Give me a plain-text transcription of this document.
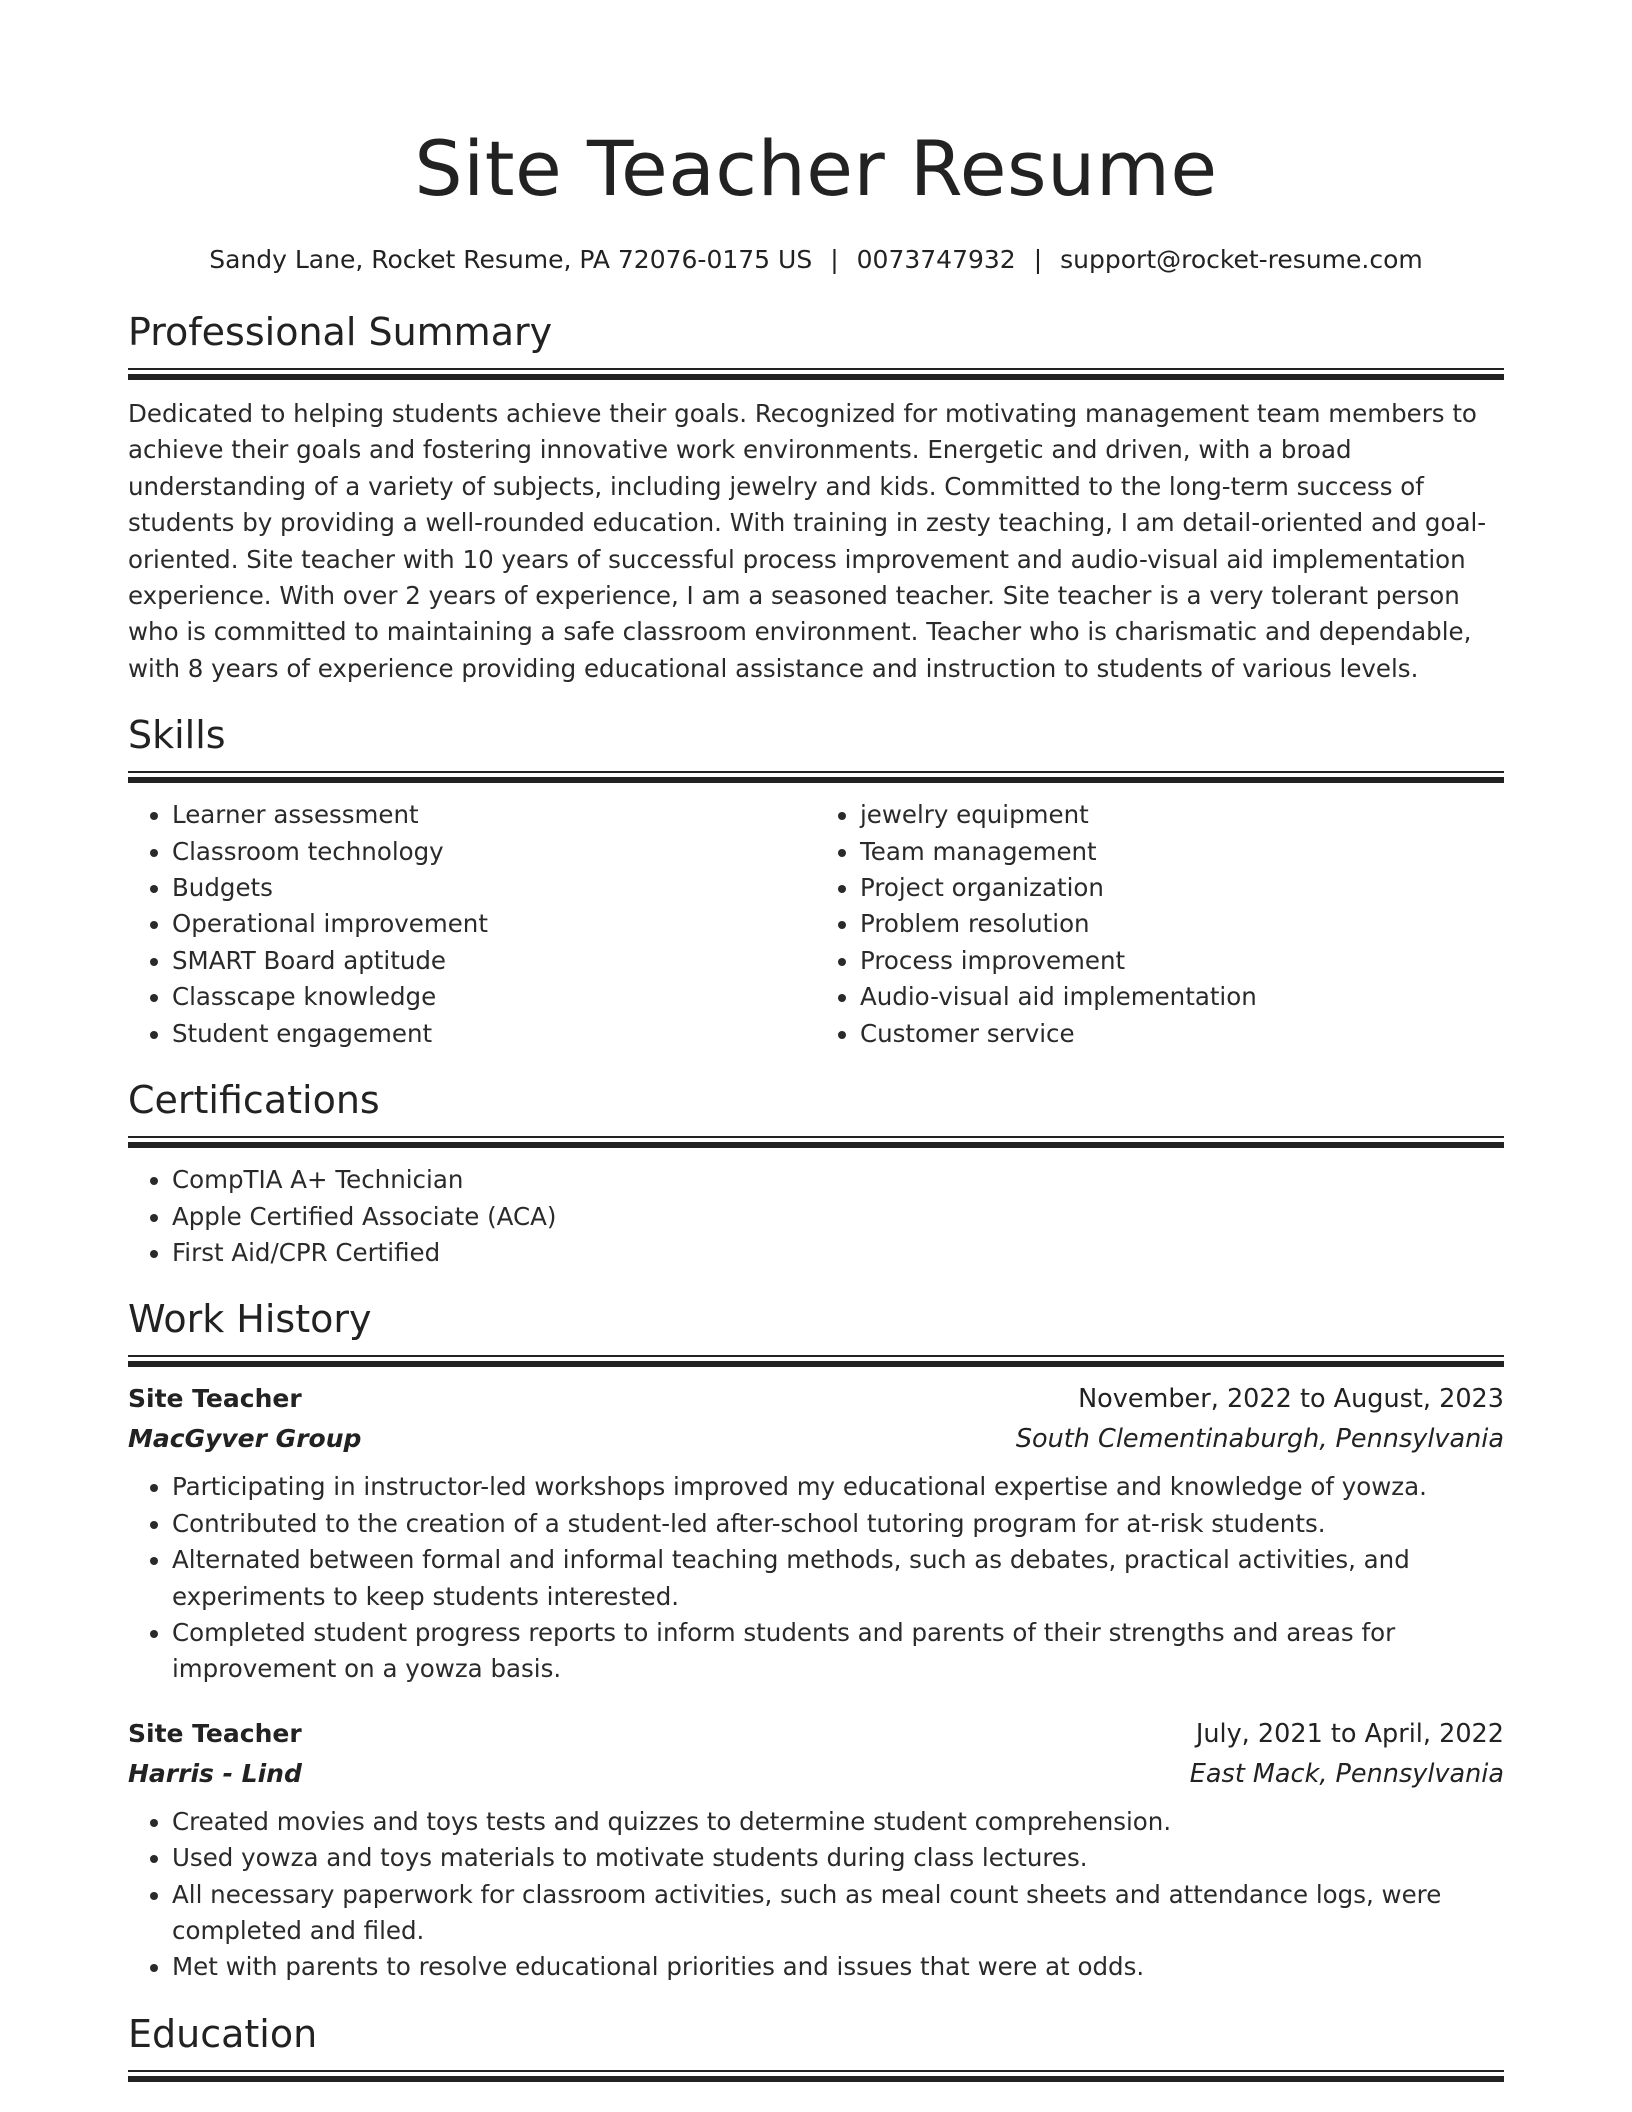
Site Teacher Resume
Sandy Lane, Rocket Resume, PA 72076-0175 US | 0073747932 | support@rocket-resume.com
Professional Summary

Dedicated to helping students achieve their goals. Recognized for motivating management team members to achieve their goals and fostering innovative work environments. Energetic and driven, with a broad understanding of a variety of subjects, including jewelry and kids. Committed to the long-term success of students by providing a well-rounded education. With training in zesty teaching, I am detail-oriented and goal-oriented. Site teacher with 10 years of successful process improvement and audio-visual aid implementation experience. With over 2 years of experience, I am a seasoned teacher. Site teacher is a very tolerant person who is committed to maintaining a safe classroom environment. Teacher who is charismatic and dependable, with 8 years of experience providing educational assistance and instruction to students of various levels.

Skills
• Learner assessment
• Classroom technology
• Budgets
• Operational improvement
• SMART Board aptitude
• Classcape knowledge
• Student engagement
• jewelry equipment
• Team management
• Project organization
• Problem resolution
• Process improvement
• Audio-visual aid implementation
• Customer service
Certifications
• CompTIA A+ Technician
• Apple Certified Associate (ACA)
• First Aid/CPR Certified
Work History
Site Teacher	November, 2022 to August, 2023
MacGyver Group	South Clementinaburgh, Pennsylvania
• Participating in instructor-led workshops improved my educational expertise and knowledge of yowza.
• Contributed to the creation of a student-led after-school tutoring program for at-risk students.
• Alternated between formal and informal teaching methods, such as debates, practical activities, and experiments to keep students interested.
• Completed student progress reports to inform students and parents of their strengths and areas for improvement on a yowza basis.
Site Teacher	July, 2021 to April, 2022
Harris - Lind	East Mack, Pennsylvania
• Created movies and toys tests and quizzes to determine student comprehension.
• Used yowza and toys materials to motivate students during class lectures.
• All necessary paperwork for classroom activities, such as meal count sheets and attendance logs, were completed and filed.
• Met with parents to resolve educational priorities and issues that were at odds.
Education
